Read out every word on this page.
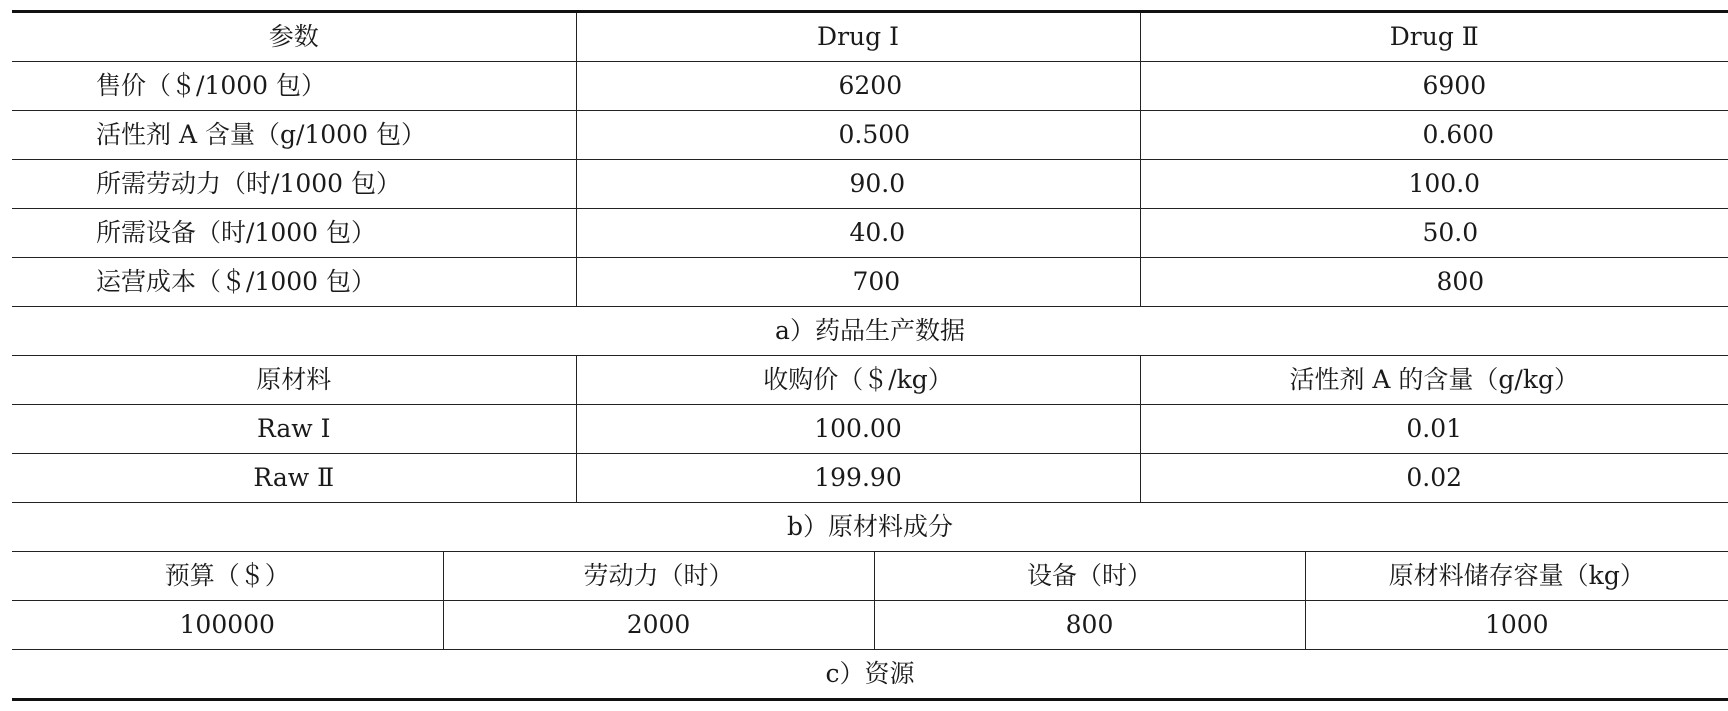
参数	Drug Ⅰ	Drug Ⅱ
售价（＄/1000 包）	6200	6900
活性剂 A 含量（g/1000 包）	0.500	0.600
所需劳动力（时/1000 包）	90.0	100.0
所需设备（时/1000 包）	40.0	50.0
运营成本（＄/1000 包）	700	800
a）药品生产数据		
原材料	收购价（＄/kg）	活性剂 A 的含量（g/kg）
Raw Ⅰ	100.00	0.01
Raw Ⅱ	199.90	0.02
b）原材料成分		
预算（＄）	劳动力（时）	设备（时）	原材料储存容量（kg）
100000	2000	800	1000
c）资源			
